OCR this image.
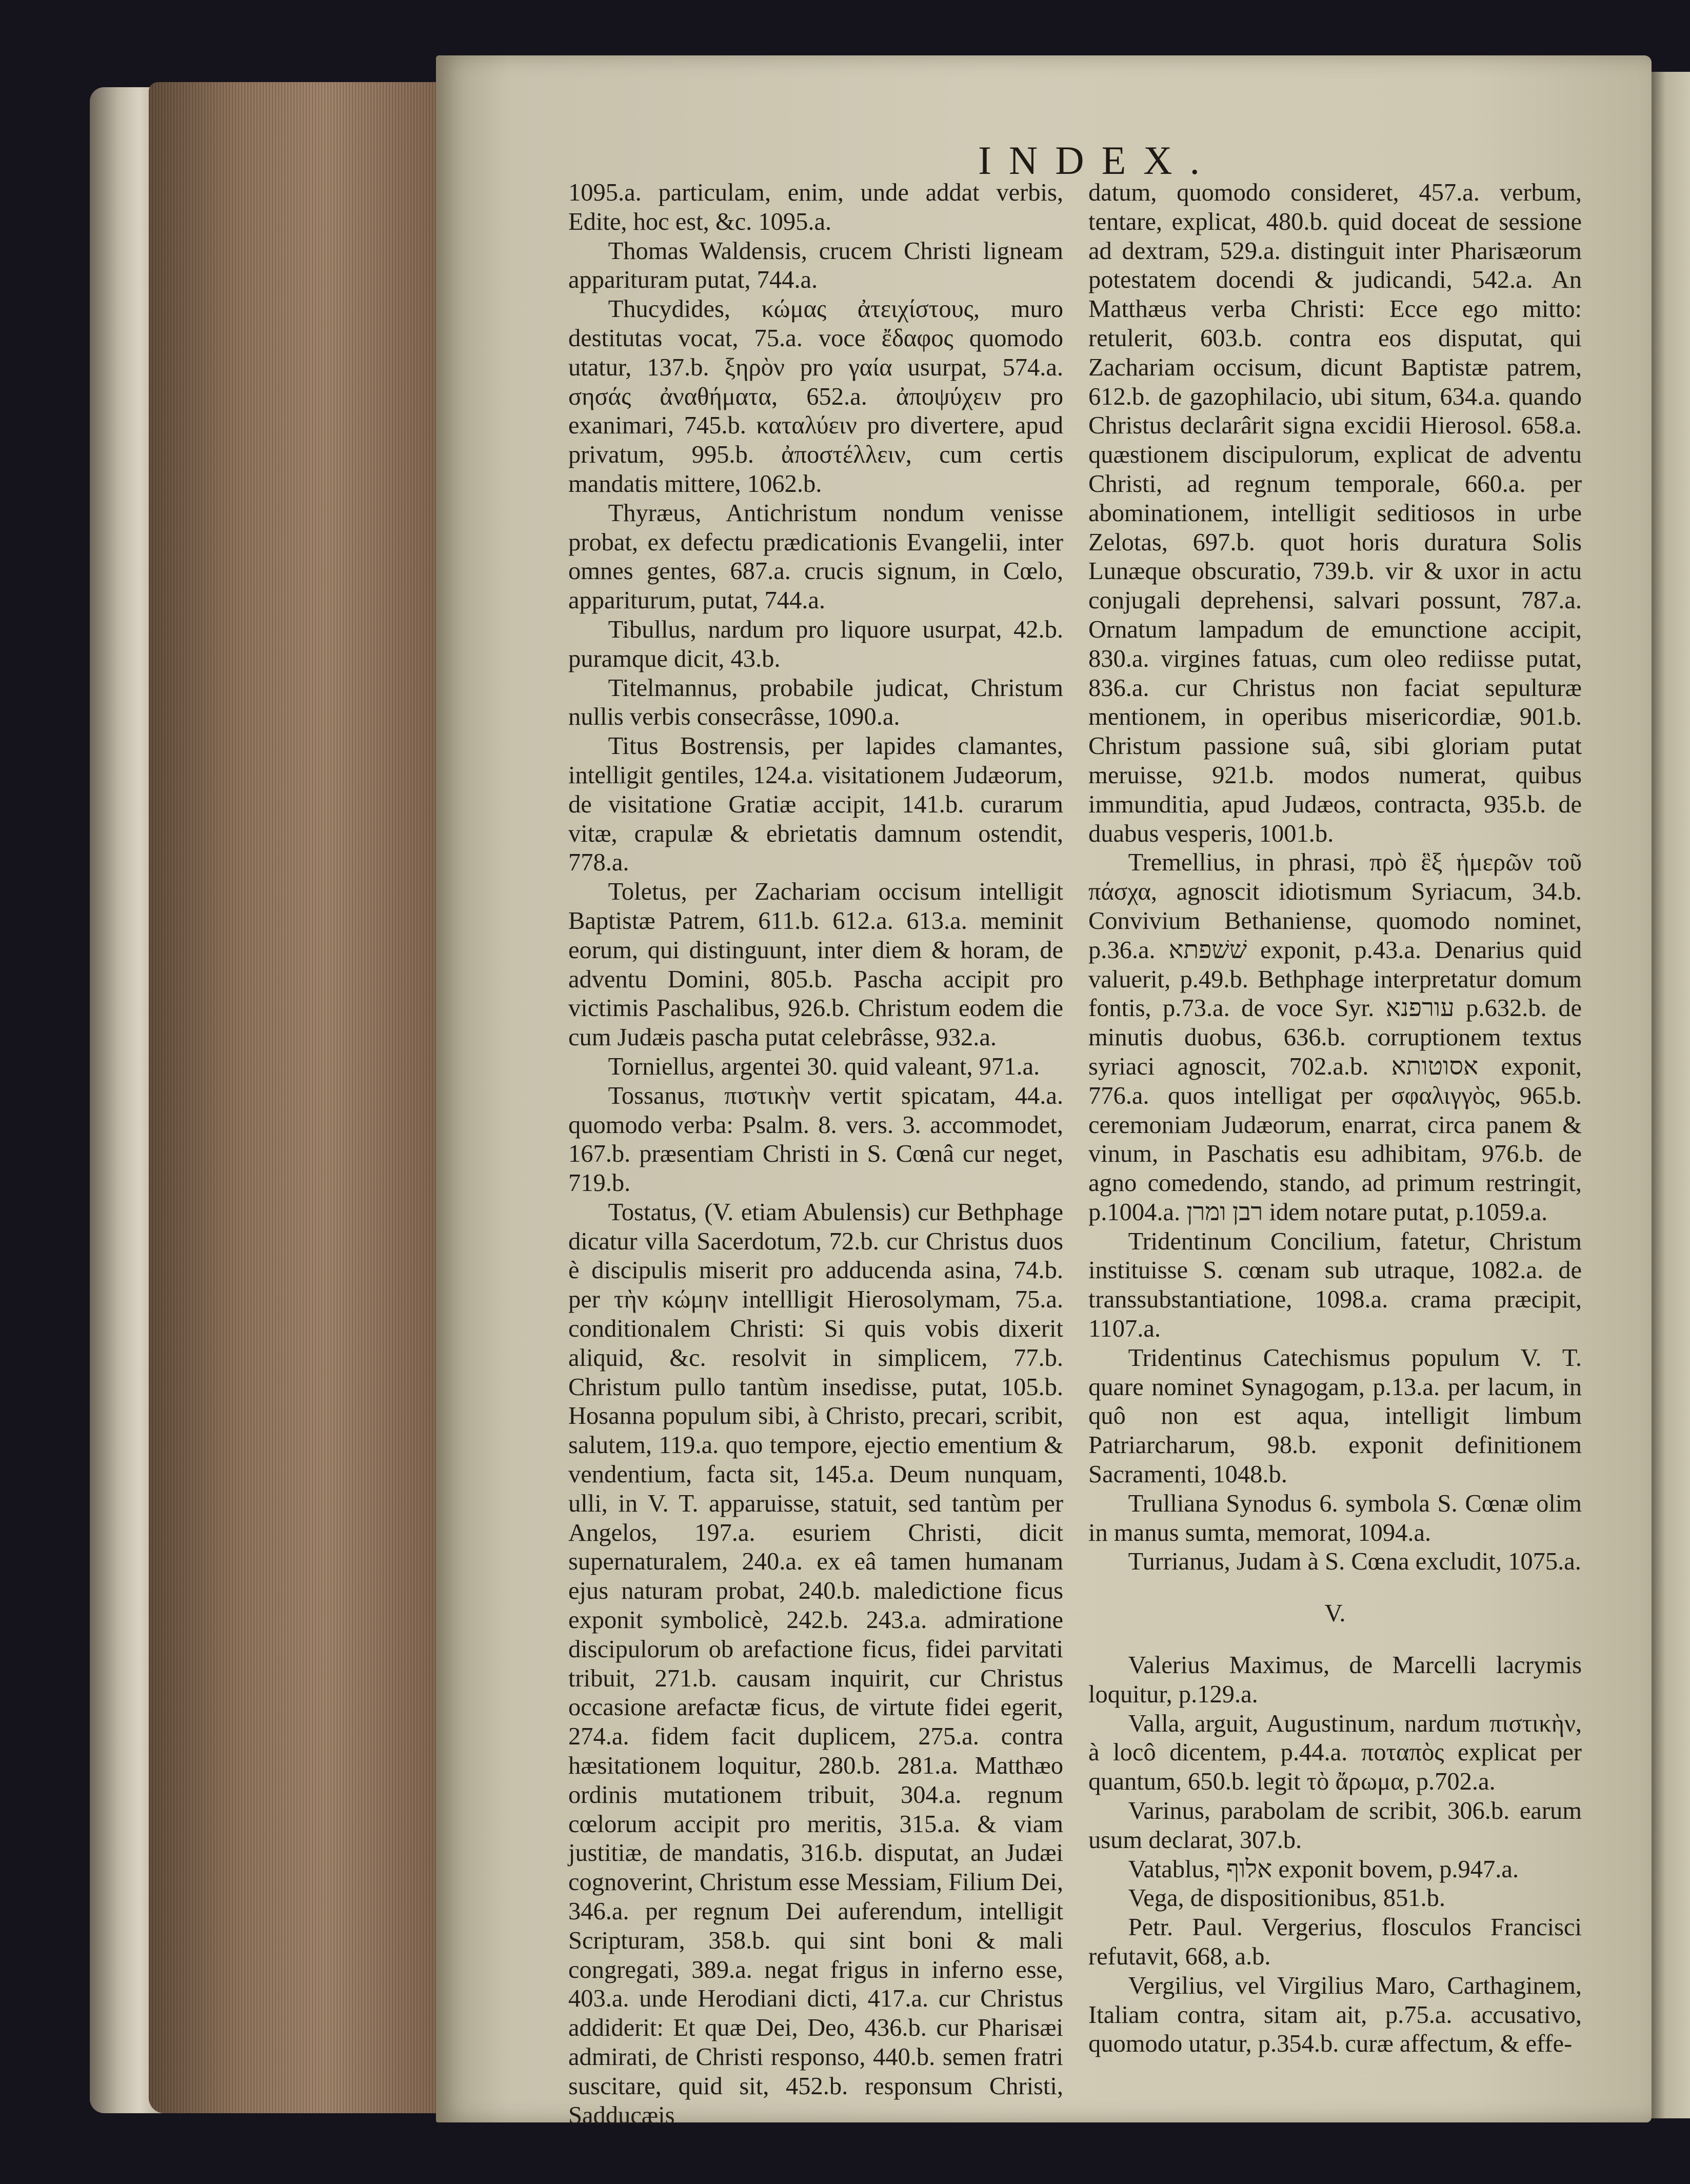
INDEX.

1095.a. particulam, enim, unde addat verbis, Edite, hoc est, &c. 1095.a.

Thomas Waldensis, crucem Christi ligneam apparituram putat, 744.a.

Thucydides, κώμας ἀτειχίστους, muro destitutas vocat, 75.a. voce ἔδαφος quomodo utatur, 137.b. ξηρὸν pro γαία usurpat, 574.a. σησάς ἀναθήματα, 652.a. ἀποψύχειν pro exanimari, 745.b. καταλύειν pro divertere, apud privatum, 995.b. ἀποστέλλειν, cum certis mandatis mittere, 1062.b.

Thyræus, Antichristum nondum venisse probat, ex defectu prædicationis Evangelii, inter omnes gentes, 687.a. crucis signum, in Cœlo, appariturum, putat, 744.a.

Tibullus, nardum pro liquore usurpat, 42.b. puramque dicit, 43.b.

Titelmannus, probabile judicat, Christum nullis verbis consecrâsse, 1090.a.

Titus Bostrensis, per lapides clamantes, intelligit gentiles, 124.a. visitationem Judæorum, de visitatione Gratiæ accipit, 141.b. curarum vitæ, crapulæ & ebrietatis damnum ostendit, 778.a.

Toletus, per Zachariam occisum intelligit Baptistæ Patrem, 611.b. 612.a. 613.a. meminit eorum, qui distinguunt, inter diem & horam, de adventu Domini, 805.b. Pascha accipit pro victimis Paschalibus, 926.b. Christum eodem die cum Judæis pascha putat celebrâsse, 932.a.

Torniellus, argentei 30. quid valeant, 971.a.

Tossanus, πιστικὴν vertit spicatam, 44.a. quomodo verba: Psalm. 8. vers. 3. accommodet, 167.b. præsentiam Christi in S. Cœnâ cur neget, 719.b.

Tostatus, (V. etiam Abulensis) cur Bethphage dicatur villa Sacerdotum, 72.b. cur Christus duos è discipulis miserit pro adducenda asina, 74.b. per τὴν κώμην intellligit Hierosolymam, 75.a. conditionalem Christi: Si quis vobis dixerit aliquid, &c. resolvit in simplicem, 77.b. Christum pullo tantùm insedisse, putat, 105.b. Hosanna populum sibi, à Christo, precari, scribit, salutem, 119.a. quo tempore, ejectio ementium & vendentium, facta sit, 145.a. Deum nunquam, ulli, in V. T. apparuisse, statuit, sed tantùm per Angelos, 197.a. esuriem Christi, dicit supernaturalem, 240.a. ex eâ tamen humanam ejus naturam probat, 240.b. maledictione ficus exponit symbolicè, 242.b. 243.a. admiratione discipulorum ob arefactione ficus, fidei parvitati tribuit, 271.b. causam inquirit, cur Christus occasione arefactæ ficus, de virtute fidei egerit, 274.a. fidem facit duplicem, 275.a. contra hæsitationem loquitur, 280.b. 281.a. Matthæo ordinis mutationem tribuit, 304.a. regnum cœlorum accipit pro meritis, 315.a. & viam justitiæ, de mandatis, 316.b. disputat, an Judæi cognoverint, Christum esse Messiam, Filium Dei, 346.a. per regnum Dei auferendum, intelligit Scripturam, 358.b. qui sint boni & mali congregati, 389.a. negat frigus in inferno esse, 403.a. unde Herodiani dicti, 417.a. cur Christus addiderit: Et quæ Dei, Deo, 436.b. cur Pharisæi admirati, de Christi responso, 440.b. semen fratri suscitare, quid sit, 452.b. responsum Christi, Sadducæis

datum, quomodo consideret, 457.a. verbum, tentare, explicat, 480.b. quid doceat de sessione ad dextram, 529.a. distinguit inter Pharisæorum potestatem docendi & judicandi, 542.a. An Matthæus verba Christi: Ecce ego mitto: retulerit, 603.b. contra eos disputat, qui Zachariam occisum, dicunt Baptistæ patrem, 612.b. de gazophilacio, ubi situm, 634.a. quando Christus declarârit signa excidii Hierosol. 658.a. quæstionem discipulorum, explicat de adventu Christi, ad regnum temporale, 660.a. per abominationem, intelligit seditiosos in urbe Zelotas, 697.b. quot horis duratura Solis Lunæque obscuratio, 739.b. vir & uxor in actu conjugali deprehensi, salvari possunt, 787.a. Ornatum lampadum de emunctione accipit, 830.a. virgines fatuas, cum oleo rediisse putat, 836.a. cur Christus non faciat sepulturæ mentionem, in operibus misericordiæ, 901.b. Christum passione suâ, sibi gloriam putat meruisse, 921.b. modos numerat, quibus immunditia, apud Judæos, contracta, 935.b. de duabus vesperis, 1001.b.

Tremellius, in phrasi, πρὸ ἓξ ἡμερῶν τοῦ πάσχα, agnoscit idiotismum Syriacum, 34.b. Convivium Bethaniense, quomodo nominet, p.36.a. שׁשׁפתא exponit, p.43.a. Denarius quid valuerit, p.49.b. Bethphage interpretatur domum fontis, p.73.a. de voce Syr. עורפנא p.632.b. de minutis duobus, 636.b. corruptionem textus syriaci agnoscit, 702.a.b. אסוטותא exponit, 776.a. quos intelligat per σφαλιγγὸς, 965.b. ceremoniam Judæorum, enarrat, circa panem & vinum, in Paschatis esu adhibitam, 976.b. de agno comedendo, stando, ad primum restringit, p.1004.a. רבן ומרן idem notare putat, p.1059.a.

Tridentinum Concilium, fatetur, Christum instituisse S. cœnam sub utraque, 1082.a. de transsubstantiatione, 1098.a. crama præcipit, 1107.a.

Tridentinus Catechismus populum V. T. quare nominet Synagogam, p.13.a. per lacum, in quô non est aqua, intelligit limbum Patriarcharum, 98.b. exponit definitionem Sacramenti, 1048.b.

Trulliana Synodus 6. symbola S. Cœnæ olim in manus sumta, memorat, 1094.a.

Turrianus, Judam à S. Cœna excludit, 1075.a.

V.

Valerius Maximus, de Marcelli lacrymis loquitur, p.129.a.

Valla, arguit, Augustinum, nardum πιστικὴν, à locô dicentem, p.44.a. ποταπὸς explicat per quantum, 650.b. legit τὸ ἄρωμα, p.702.a.

Varinus, parabolam de scribit, 306.b. earum usum declarat, 307.b.

Vatablus, אלוף exponit bovem, p.947.a.

Vega, de dispositionibus, 851.b.

Petr. Paul. Vergerius, flosculos Francisci refutavit, 668, a.b.

Vergilius, vel Virgilius Maro, Carthaginem, Italiam contra, sitam ait, p.75.a. accusativo, quomodo utatur, p.354.b. curæ affectum, & effe-
